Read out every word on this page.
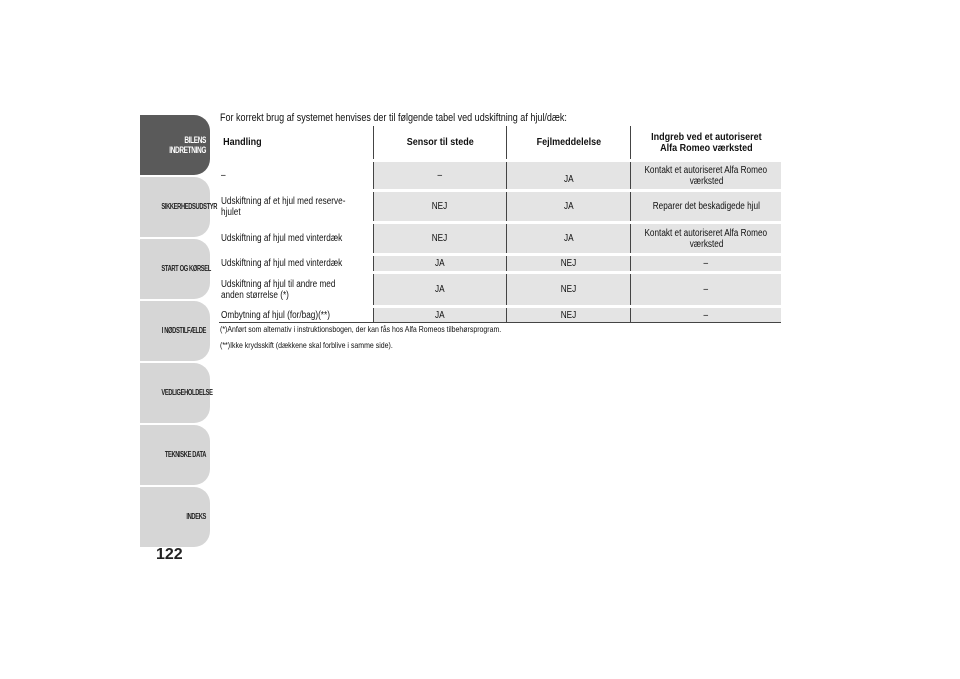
BILENS
INDRETNING
SIKKERHEDSUDSTYR
START OG KØRSEL
I NØDSTILFÆLDE
VEDLIGEHOLDELSE
TEKNISKE DATA
INDEKS
122
For korrekt brug af systemet henvises der til følgende tabel ved udskiftning af hjul/dæk:
Handling	Sensor til stede	Fejlmeddelelse	Indgreb ved et autoriseret
Alfa Romeo værksted
–	–	JA	Kontakt et autoriseret Alfa Romeo
værksted
Udskiftning af et hjul med reserve-
hjulet	NEJ	JA	Reparer det beskadigede hjul
Udskiftning af hjul med vinterdæk	NEJ	JA	Kontakt et autoriseret Alfa Romeo
værksted
Udskiftning af hjul med vinterdæk	JA	NEJ	–
Udskiftning af hjul til andre med
anden størrelse (*)	JA	NEJ	–
Ombytning af hjul (for/bag)(**)	JA	NEJ	–
(*)Anført som alternativ i instruktionsbogen, der kan fås hos Alfa Romeos tilbehørsprogram.
(**)Ikke krydsskift (dækkene skal forblive i samme side).
